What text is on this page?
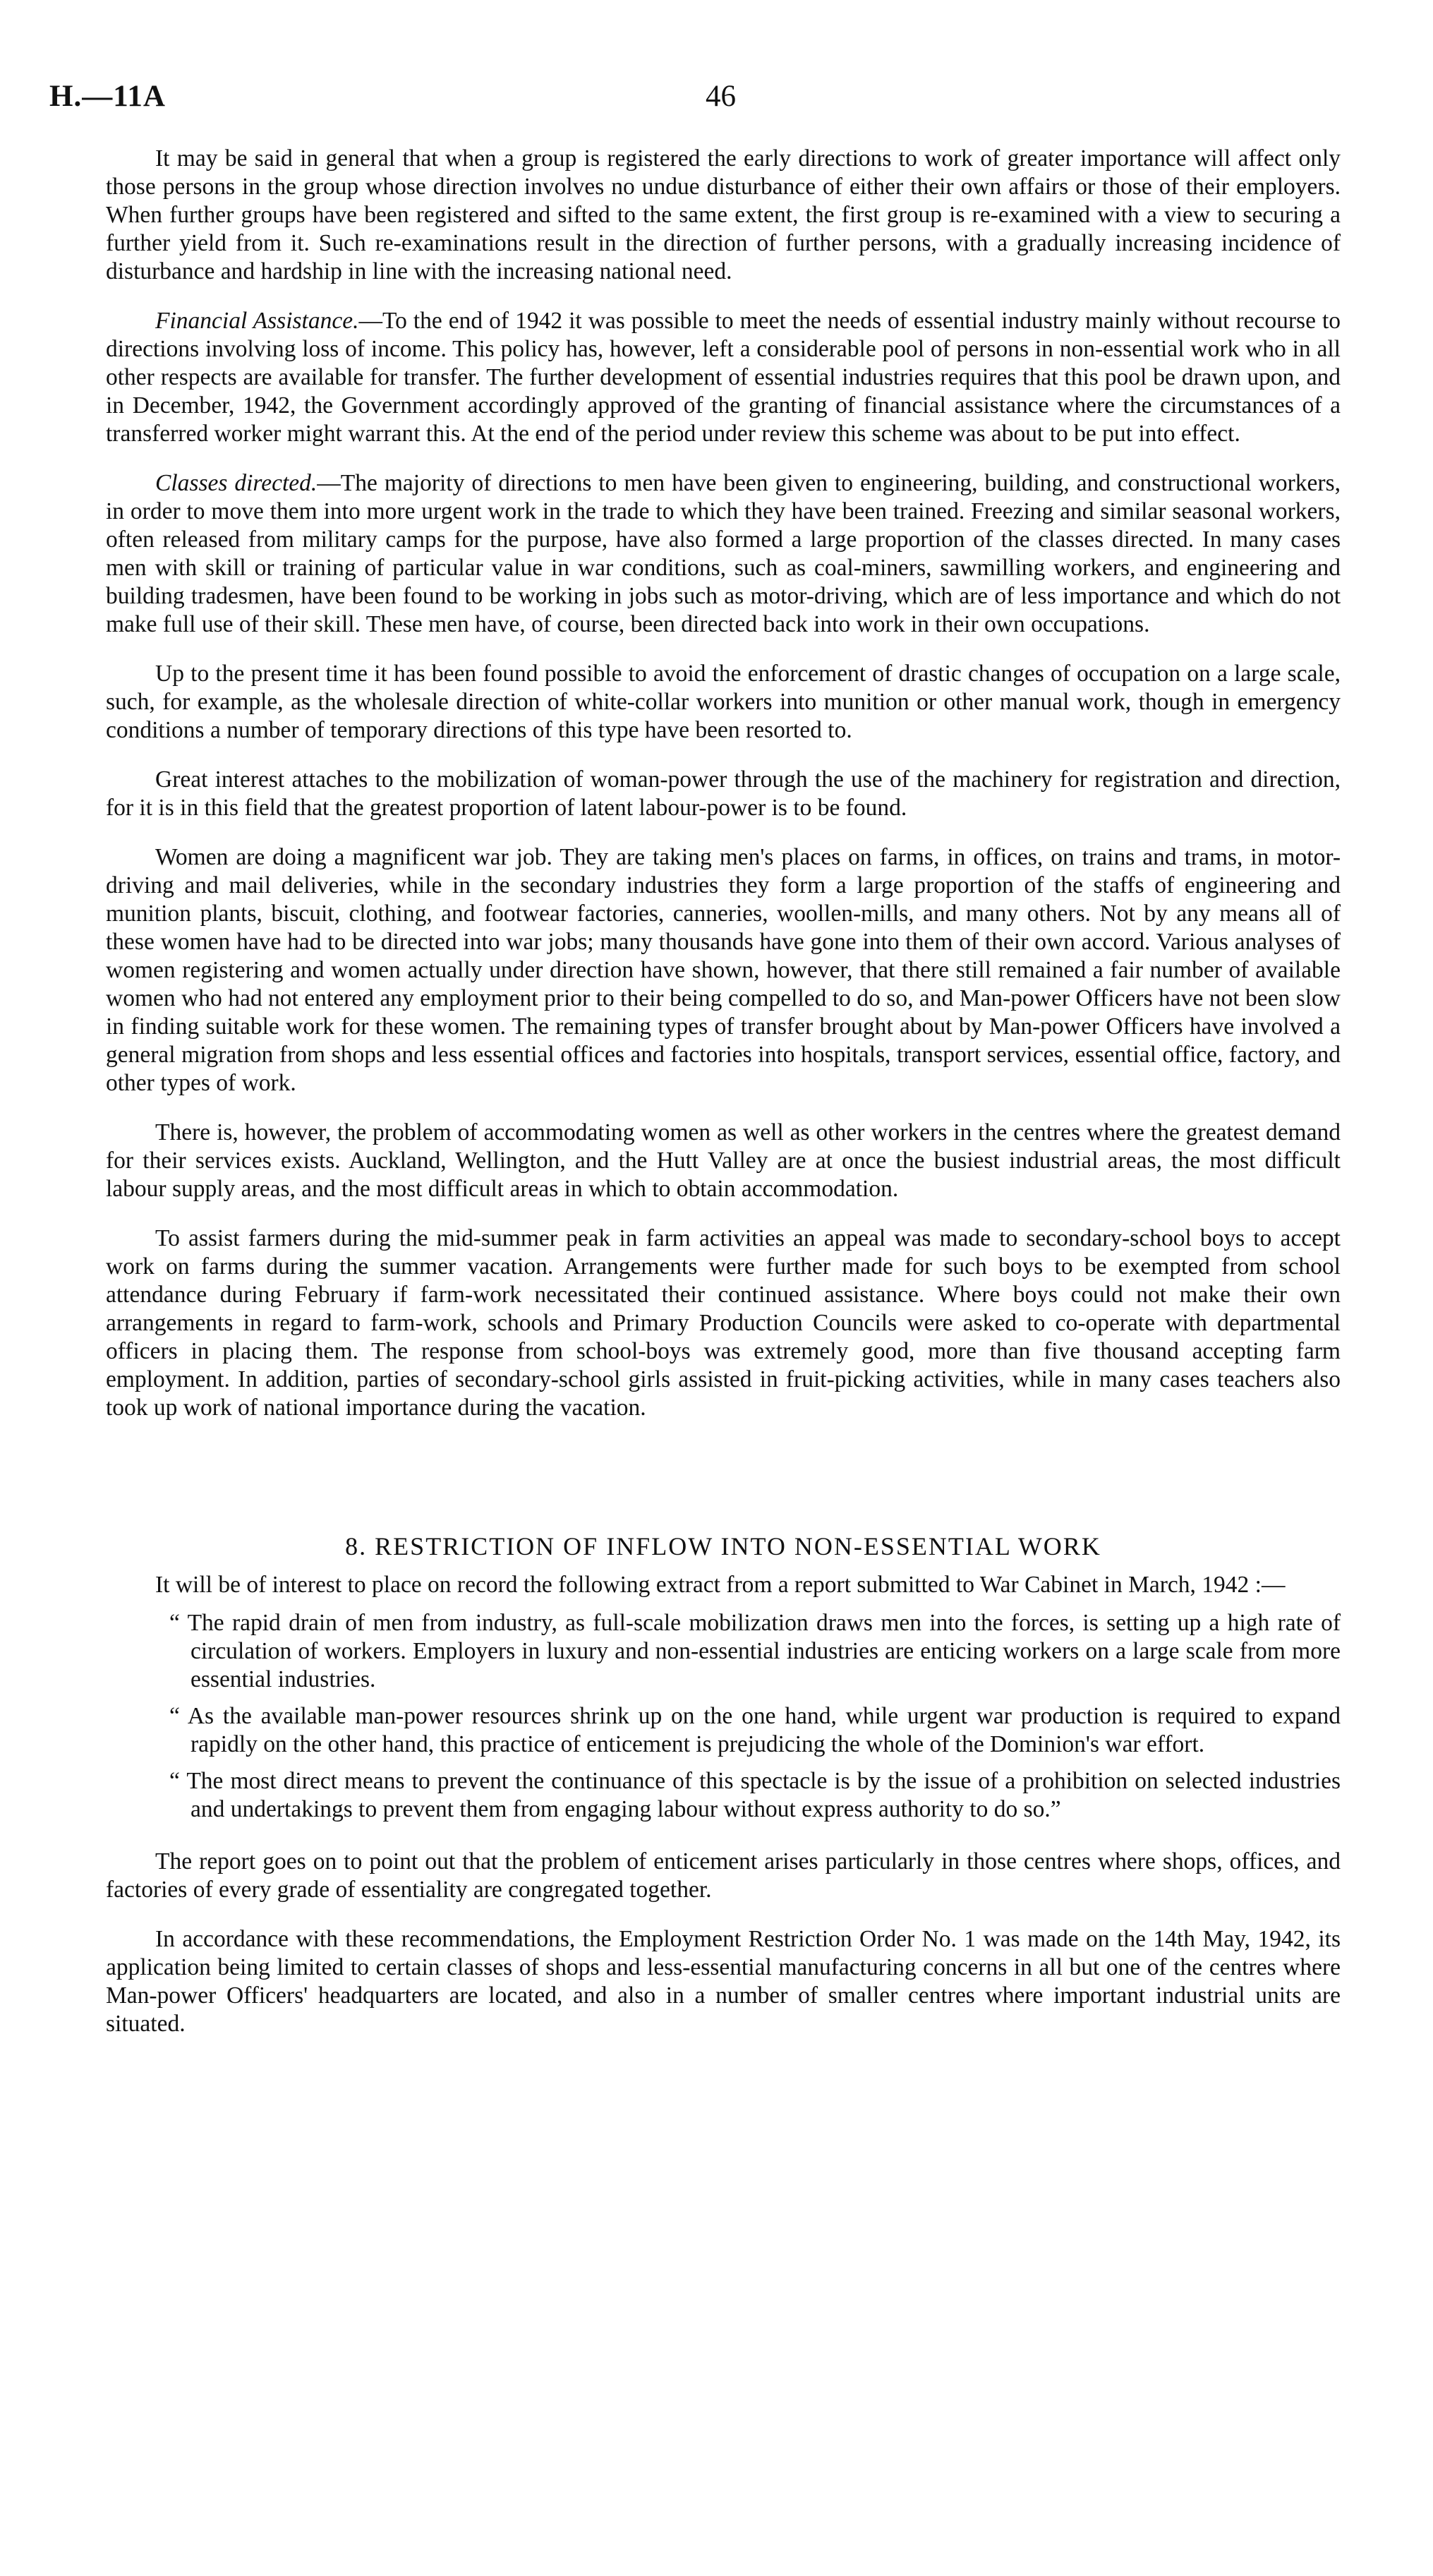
H.—11A	46

It may be said in general that when a group is registered the early directions to work of greater importance will affect only those persons in the group whose direction involves no undue disturbance of either their own affairs or those of their employers. When further groups have been registered and sifted to the same extent, the first group is re-examined with a view to securing a further yield from it. Such re-examinations result in the direction of further persons, with a gradually increasing incidence of disturbance and hardship in line with the increasing national need.

Financial Assistance.—To the end of 1942 it was possible to meet the needs of essential industry mainly without recourse to directions involving loss of income. This policy has, however, left a considerable pool of persons in non-essential work who in all other respects are available for transfer. The further development of essential industries requires that this pool be drawn upon, and in December, 1942, the Government accordingly approved of the granting of financial assistance where the circumstances of a transferred worker might warrant this. At the end of the period under review this scheme was about to be put into effect.

Classes directed.—The majority of directions to men have been given to engineering, building, and constructional workers, in order to move them into more urgent work in the trade to which they have been trained. Freezing and similar seasonal workers, often released from military camps for the purpose, have also formed a large proportion of the classes directed. In many cases men with skill or training of particular value in war conditions, such as coal-miners, sawmilling workers, and engineering and building tradesmen, have been found to be working in jobs such as motor-driving, which are of less importance and which do not make full use of their skill. These men have, of course, been directed back into work in their own occupations.

Up to the present time it has been found possible to avoid the enforcement of drastic changes of occupation on a large scale, such, for example, as the wholesale direction of white-collar workers into munition or other manual work, though in emergency conditions a number of temporary directions of this type have been resorted to.

Great interest attaches to the mobilization of woman-power through the use of the machinery for registration and direction, for it is in this field that the greatest proportion of latent labour-power is to be found.

Women are doing a magnificent war job. They are taking men's places on farms, in offices, on trains and trams, in motor-driving and mail deliveries, while in the secondary industries they form a large proportion of the staffs of engineering and munition plants, biscuit, clothing, and footwear factories, canneries, woollen-mills, and many others. Not by any means all of these women have had to be directed into war jobs; many thousands have gone into them of their own accord. Various analyses of women registering and women actually under direction have shown, however, that there still remained a fair number of available women who had not entered any employment prior to their being compelled to do so, and Man-power Officers have not been slow in finding suitable work for these women. The remaining types of transfer brought about by Man-power Officers have involved a general migration from shops and less essential offices and factories into hospitals, transport services, essential office, factory, and other types of work.

There is, however, the problem of accommodating women as well as other workers in the centres where the greatest demand for their services exists. Auckland, Wellington, and the Hutt Valley are at once the busiest industrial areas, the most difficult labour supply areas, and the most difficult areas in which to obtain accommodation.

To assist farmers during the mid-summer peak in farm activities an appeal was made to secondary-school boys to accept work on farms during the summer vacation. Arrangements were further made for such boys to be exempted from school attendance during February if farm-work necessitated their continued assistance. Where boys could not make their own arrangements in regard to farm-work, schools and Primary Production Councils were asked to co-operate with departmental officers in placing them. The response from school-boys was extremely good, more than five thousand accepting farm employment. In addition, parties of secondary-school girls assisted in fruit-picking activities, while in many cases teachers also took up work of national importance during the vacation.

8. RESTRICTION OF INFLOW INTO NON-ESSENTIAL WORK

It will be of interest to place on record the following extract from a report submitted to War Cabinet in March, 1942 :—

“ The rapid drain of men from industry, as full-scale mobilization draws men into the forces, is setting up a high rate of circulation of workers. Employers in luxury and non-essential industries are enticing workers on a large scale from more essential industries.

“ As the available man-power resources shrink up on the one hand, while urgent war production is required to expand rapidly on the other hand, this practice of enticement is prejudicing the whole of the Dominion's war effort.

“ The most direct means to prevent the continuance of this spectacle is by the issue of a prohibition on selected industries and undertakings to prevent them from engaging labour without express authority to do so.”

The report goes on to point out that the problem of enticement arises particularly in those centres where shops, offices, and factories of every grade of essentiality are congregated together.

In accordance with these recommendations, the Employment Restriction Order No. 1 was made on the 14th May, 1942, its application being limited to certain classes of shops and less-essential manufacturing concerns in all but one of the centres where Man-power Officers' headquarters are located, and also in a number of smaller centres where important industrial units are situated.
